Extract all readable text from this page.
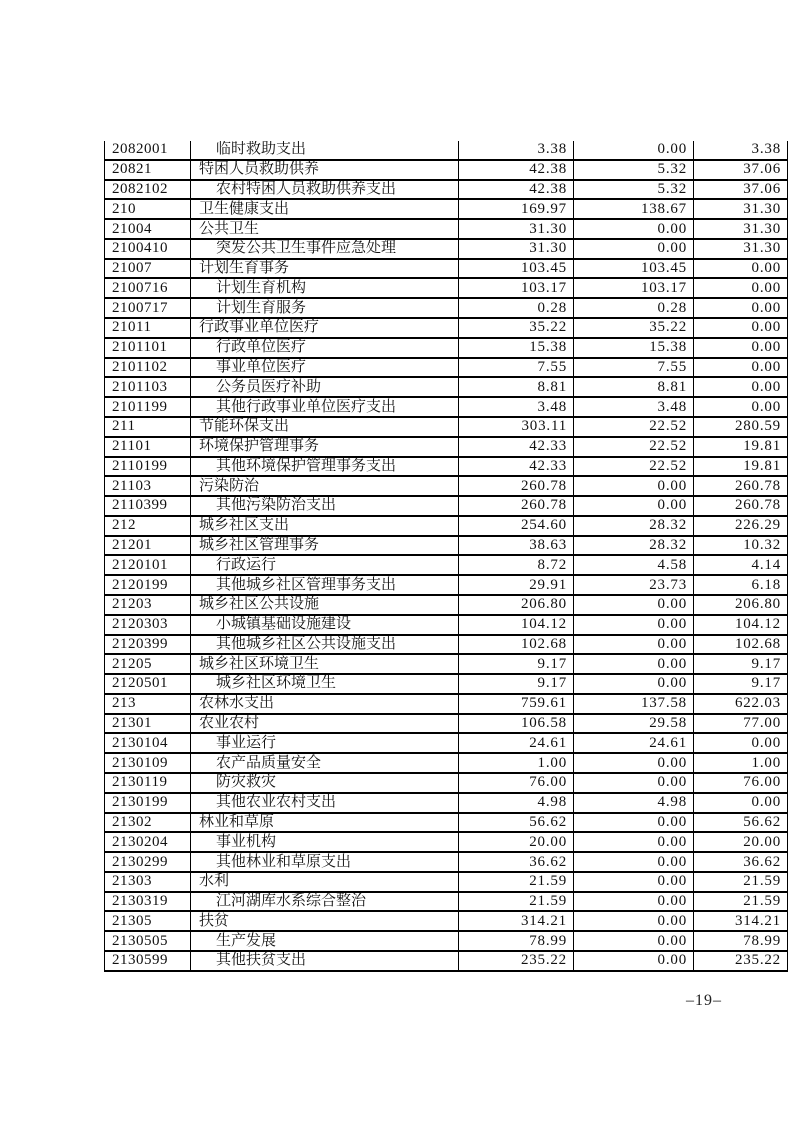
2082001	临时救助支出	3.38	0.00	3.38
20821	特困人员救助供养	42.38	5.32	37.06
2082102	农村特困人员救助供养支出	42.38	5.32	37.06
210	卫生健康支出	169.97	138.67	31.30
21004	公共卫生	31.30	0.00	31.30
2100410	突发公共卫生事件应急处理	31.30	0.00	31.30
21007	计划生育事务	103.45	103.45	0.00
2100716	计划生育机构	103.17	103.17	0.00
2100717	计划生育服务	0.28	0.28	0.00
21011	行政事业单位医疗	35.22	35.22	0.00
2101101	行政单位医疗	15.38	15.38	0.00
2101102	事业单位医疗	7.55	7.55	0.00
2101103	公务员医疗补助	8.81	8.81	0.00
2101199	其他行政事业单位医疗支出	3.48	3.48	0.00
211	节能环保支出	303.11	22.52	280.59
21101	环境保护管理事务	42.33	22.52	19.81
2110199	其他环境保护管理事务支出	42.33	22.52	19.81
21103	污染防治	260.78	0.00	260.78
2110399	其他污染防治支出	260.78	0.00	260.78
212	城乡社区支出	254.60	28.32	226.29
21201	城乡社区管理事务	38.63	28.32	10.32
2120101	行政运行	8.72	4.58	4.14
2120199	其他城乡社区管理事务支出	29.91	23.73	6.18
21203	城乡社区公共设施	206.80	0.00	206.80
2120303	小城镇基础设施建设	104.12	0.00	104.12
2120399	其他城乡社区公共设施支出	102.68	0.00	102.68
21205	城乡社区环境卫生	9.17	0.00	9.17
2120501	城乡社区环境卫生	9.17	0.00	9.17
213	农林水支出	759.61	137.58	622.03
21301	农业农村	106.58	29.58	77.00
2130104	事业运行	24.61	24.61	0.00
2130109	农产品质量安全	1.00	0.00	1.00
2130119	防灾救灾	76.00	0.00	76.00
2130199	其他农业农村支出	4.98	4.98	0.00
21302	林业和草原	56.62	0.00	56.62
2130204	事业机构	20.00	0.00	20.00
2130299	其他林业和草原支出	36.62	0.00	36.62
21303	水利	21.59	0.00	21.59
2130319	江河湖库水系综合整治	21.59	0.00	21.59
21305	扶贫	314.21	0.00	314.21
2130505	生产发展	78.99	0.00	78.99
2130599	其他扶贫支出	235.22	0.00	235.22
–19–
